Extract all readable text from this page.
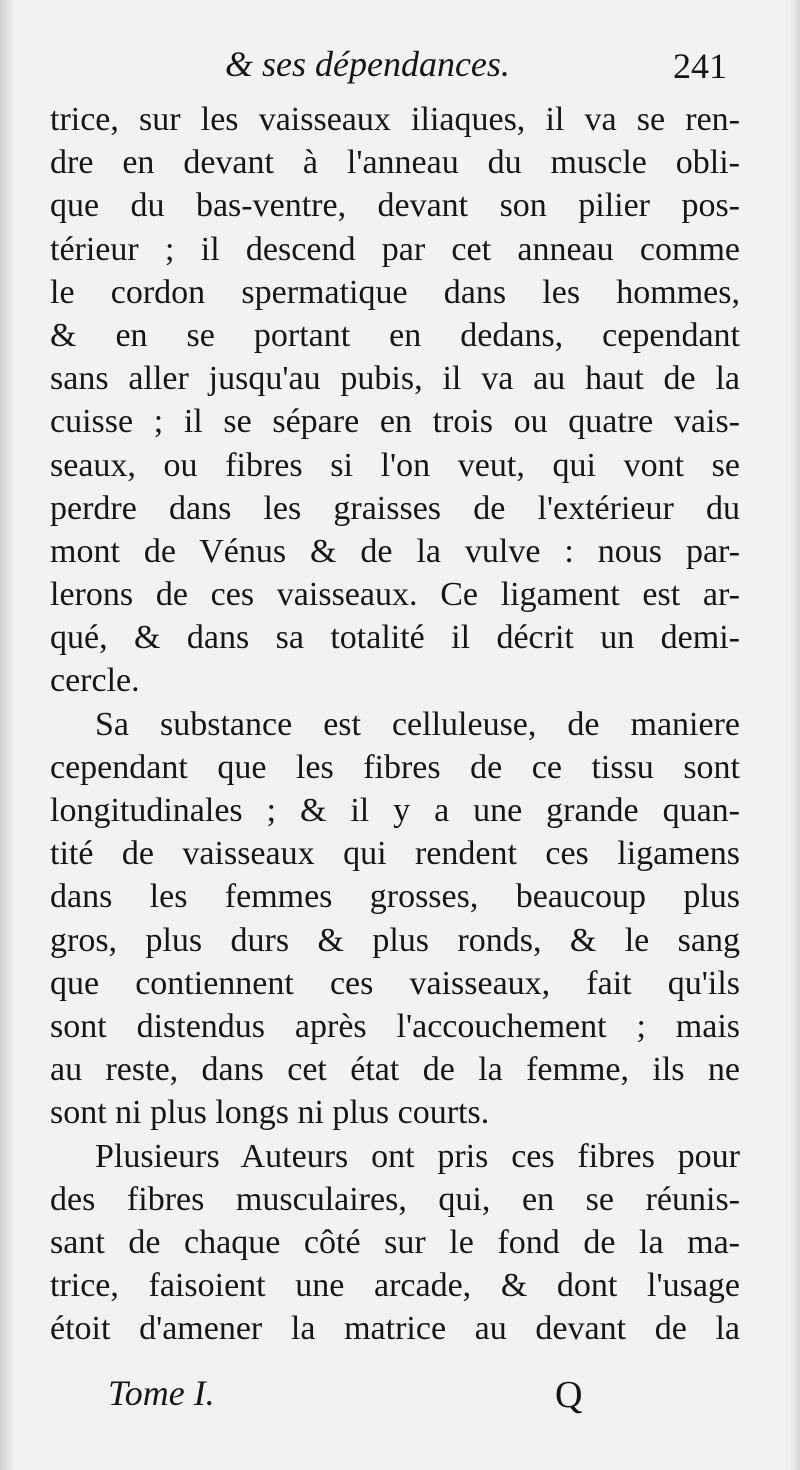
& ses dépendances.	241
trice, sur les vaisseaux iliaques, il va se ren-
dre en devant à l'anneau du muscle obli-
que du bas-ventre, devant son pilier pos-
térieur ; il descend par cet anneau comme
le cordon spermatique dans les hommes,
& en se portant en dedans, cependant
sans aller jusqu'au pubis, il va au haut de la
cuisse ; il se sépare en trois ou quatre vais-
seaux, ou fibres si l'on veut, qui vont se
perdre dans les graisses de l'extérieur du
mont de Vénus & de la vulve : nous par-
lerons de ces vaisseaux. Ce ligament est ar-
qué, & dans sa totalité il décrit un demi-
cercle.
Sa substance est celluleuse, de maniere
cependant que les fibres de ce tissu sont
longitudinales ; & il y a une grande quan-
tité de vaisseaux qui rendent ces ligamens
dans les femmes grosses, beaucoup plus
gros, plus durs & plus ronds, & le sang
que contiennent ces vaisseaux, fait qu'ils
sont distendus après l'accouchement ; mais
au reste, dans cet état de la femme, ils ne
sont ni plus longs ni plus courts.
Plusieurs Auteurs ont pris ces fibres pour
des fibres musculaires, qui, en se réunis-
sant de chaque côté sur le fond de la ma-
trice, faisoient une arcade, & dont l'usage
étoit d'amener la matrice au devant de la
Tome I.	Q
